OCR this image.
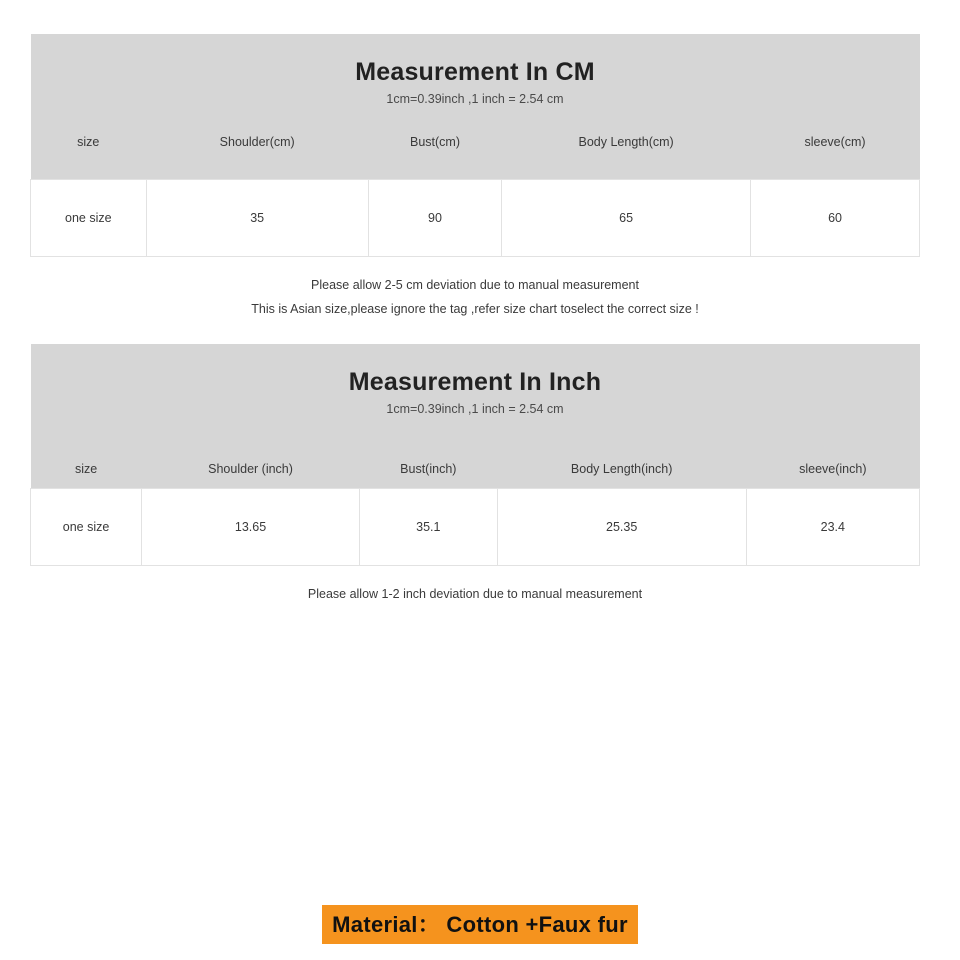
Measurement In CM				
1cm=0.39inch ,1 inch = 2.54 cm				
size	Shoulder(cm)	Bust(cm)	Body Length(cm)	sleeve(cm)
one size	35	90	65	60

Please allow 2-5 cm deviation due to manual measurement
This is Asian size,please ignore the tag ,refer size chart toselect the correct size !				
Measurement In Inch				
1cm=0.39inch ,1 inch = 2.54 cm				
size	Shoulder (inch)	Bust(inch)	Body Length(inch)	sleeve(inch)
one size	13.65	35.1	25.35	23.4

Please allow 1-2 inch deviation due to manual measurement				
Material： Cotton +Faux fur
